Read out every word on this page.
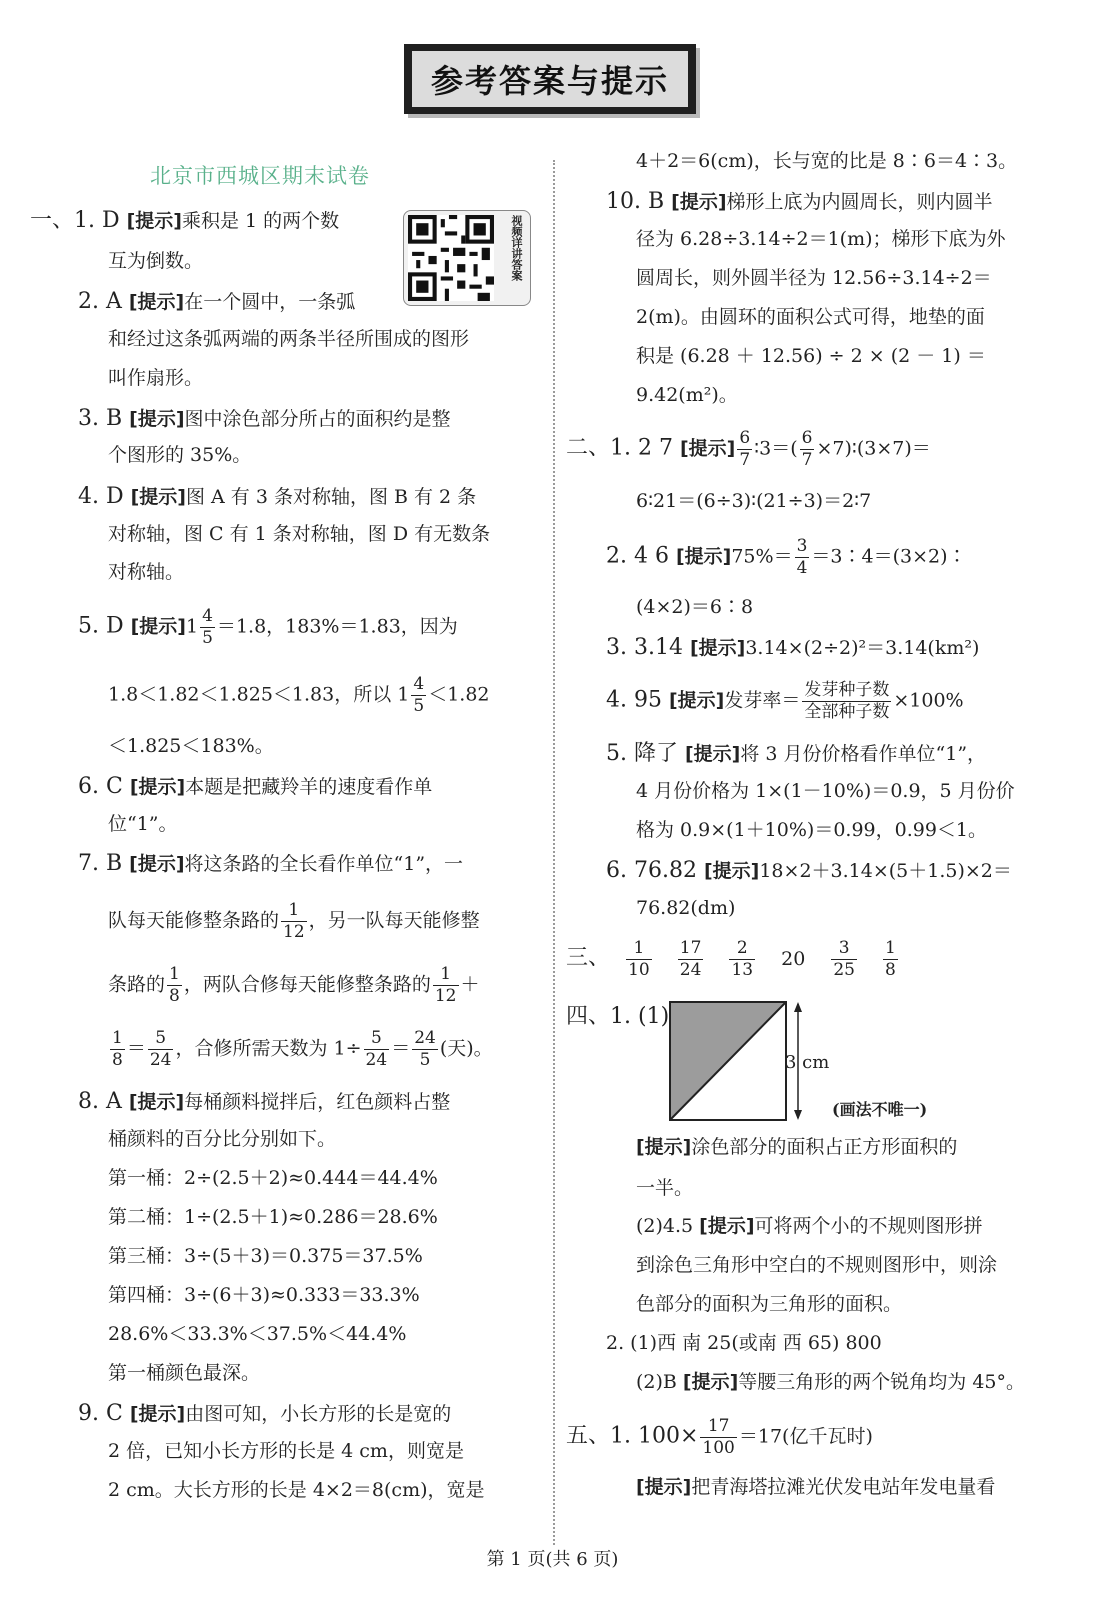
参考答案与提示
北京市西城区期末试卷
视频详讲答案
一、1. D [提示]乘积是 1 的两个数
互为倒数。
2. A [提示]在一个圆中，一条弧
和经过这条弧两端的两条半径所围成的图形
叫作扇形。
3. B [提示]图中涂色部分所占的面积约是整
个图形的 35%。
4. D [提示]图 A 有 3 条对称轴，图 B 有 2 条
对称轴，图 C 有 1 条对称轴，图 D 有无数条
对称轴。
5. D [提示]$1 \frac{4}{5} =1.8$，183%＝1.83，因为
1.8＜1.82＜1.825＜1.83，所以 $1 \frac{4}{5} <1.82$
＜1.825＜183%。
6. C [提示]本题是把藏羚羊的速度看作单
位“1”。
7. B [提示]将这条路的全长看作单位“1”，一
队每天能修整条路的 $\frac{1}{12}$ ，另一队每天能修整
条路的 $\frac{1}{8}$ ，两队合修每天能修整条路的 $\frac{1}{12}$ ＋
$\frac{1}{8} = \frac{5}{24}$ ，合修所需天数为 $1\div \frac{5}{24} = \frac{24}{5}$ (天)。
8. A [提示]每桶颜料搅拌后，红色颜料占整
桶颜料的百分比分别如下。
第一桶：2÷(2.5＋2)≈0.444＝44.4%
第二桶：1÷(2.5＋1)≈0.286＝28.6%
第三桶：3÷(5＋3)＝0.375＝37.5%
第四桶：3÷(6＋3)≈0.333＝33.3%
28.6%＜33.3%＜37.5%＜44.4%
第一桶颜色最深。
9. C [提示]由图可知，小长方形的长是宽的
2 倍，已知小长方形的长是 4 cm，则宽是
2 cm。大长方形的长是 4×2＝8(cm)，宽是
4＋2＝6(cm)，长与宽的比是 8∶6＝4∶3。
10. B [提示]梯形上底为内圆周长，则内圆半
径为 6.28÷3.14÷2＝1(m)；梯形下底为外
圆周长，则外圆半径为 12.56÷3.14÷2＝
2(m)。由圆环的面积公式可得，地垫的面
积是 (6.28 ＋ 12.56) ÷ 2 × (2 － 1) ＝
9.42(m²)。
二、1. 2 7 [提示] $\frac{6}{7}$ ∶3＝( $\frac{6}{7}$ ×7)∶(3×7)＝
6∶21＝(6÷3)∶(21÷3)＝2∶7
2. 4 6 [提示]$75\%= \frac{3}{4}$ ＝3∶4＝(3×2)∶
(4×2)＝6∶8
3. 3.14 [提示]3.14×(2÷2)²＝3.14(km²)
4. 95 [提示]发芽率＝ $\frac{\text{发芽种子数}}{\text{全部种子数}} \times 100\%$
5. 降了 [提示]将 3 月份价格看作单位“1”，
4 月份价格为 1×(1－10%)＝0.9，5 月份价
格为 0.9×(1＋10%)＝0.99，0.99＜1。
6. 76.82 [提示]18×2＋3.14×(5＋1.5)×2＝
76.82(dm)
三、 $\frac{1}{10}$
$\frac{17}{24}$
$\frac{2}{13} 20 \frac{3}{25}$
$\frac{1}{8}$
四、1. (1)
3 cm
(画法不唯一)
[提示]涂色部分的面积占正方形面积的
一半。
(2)4.5 [提示]可将两个小的不规则图形拼
到涂色三角形中空白的不规则图形中，则涂
色部分的面积为三角形的面积。
2. (1)西 南 25(或南 西 65) 800
(2)B [提示]等腰三角形的两个锐角均为 45°。
五、1. $100\times \frac{17}{100} =17$(亿千瓦时)
[提示]把青海塔拉滩光伏发电站年发电量看
第 1 页(共 6 页)
